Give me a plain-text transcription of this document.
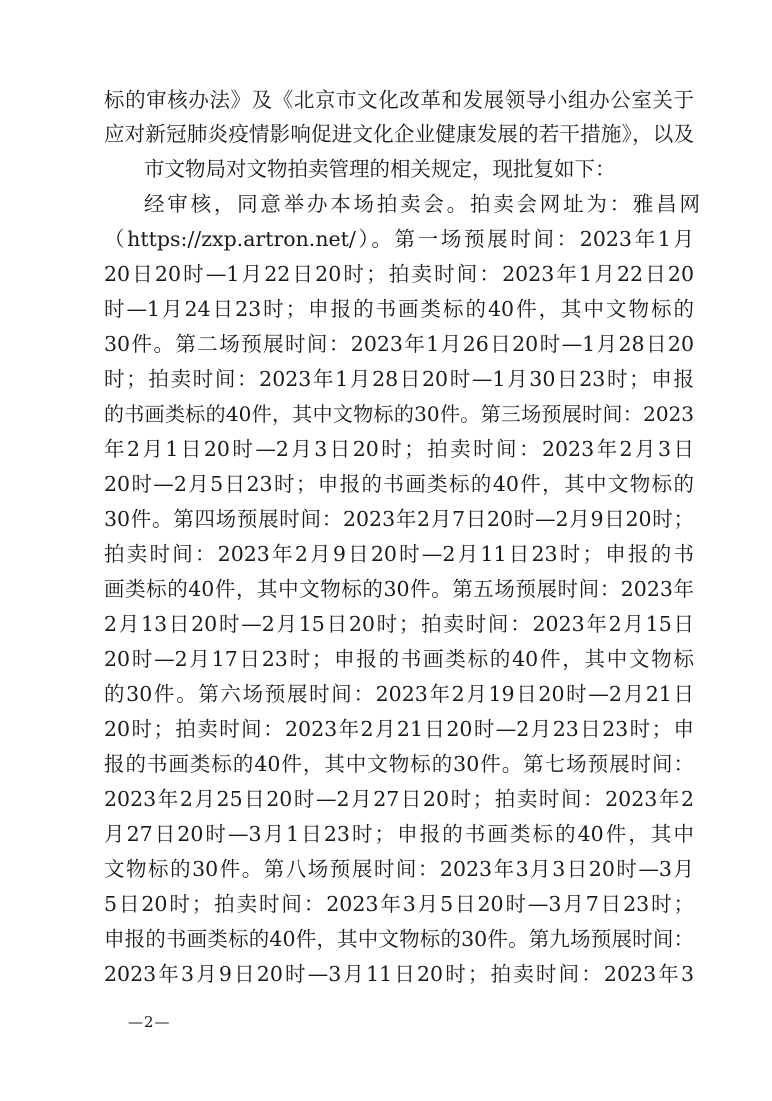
标的审核办法》及《北京市文化改革和发展领导小组办公室关于
应对新冠肺炎疫情影响促进文化企业健康发展的若干措施》，以及
市文物局对文物拍卖管理的相关规定，现批复如下：
经审核，同意举办本场拍卖会。拍卖会网址为：雅昌网
（https://zxp.artron.net/）。第一场预展时间：2023年1月
20日20时—1月22日20时；拍卖时间：2023年1月22日20
时—1月24日23时；申报的书画类标的40件，其中文物标的
30件。第二场预展时间：2023年1月26日20时—1月28日20
时；拍卖时间：2023年1月28日20时—1月30日23时；申报
的书画类标的40件，其中文物标的30件。第三场预展时间：2023
年2月1日20时—2月3日20时；拍卖时间：2023年2月3日
20时—2月5日23时；申报的书画类标的40件，其中文物标的
30件。第四场预展时间：2023年2月7日20时—2月9日20时；
拍卖时间：2023年2月9日20时—2月11日23时；申报的书
画类标的40件，其中文物标的30件。第五场预展时间：2023年
2月13日20时—2月15日20时；拍卖时间：2023年2月15日
20时—2月17日23时；申报的书画类标的40件，其中文物标
的30件。第六场预展时间：2023年2月19日20时—2月21日
20时；拍卖时间：2023年2月21日20时—2月23日23时；申
报的书画类标的40件，其中文物标的30件。第七场预展时间：
2023年2月25日20时—2月27日20时；拍卖时间：2023年2
月27日20时—3月1日23时；申报的书画类标的40件，其中
文物标的30件。第八场预展时间：2023年3月3日20时—3月
5日20时；拍卖时间：2023年3月5日20时—3月7日23时；
申报的书画类标的40件，其中文物标的30件。第九场预展时间：
2023年3月9日20时—3月11日20时；拍卖时间：2023年3
—2—
